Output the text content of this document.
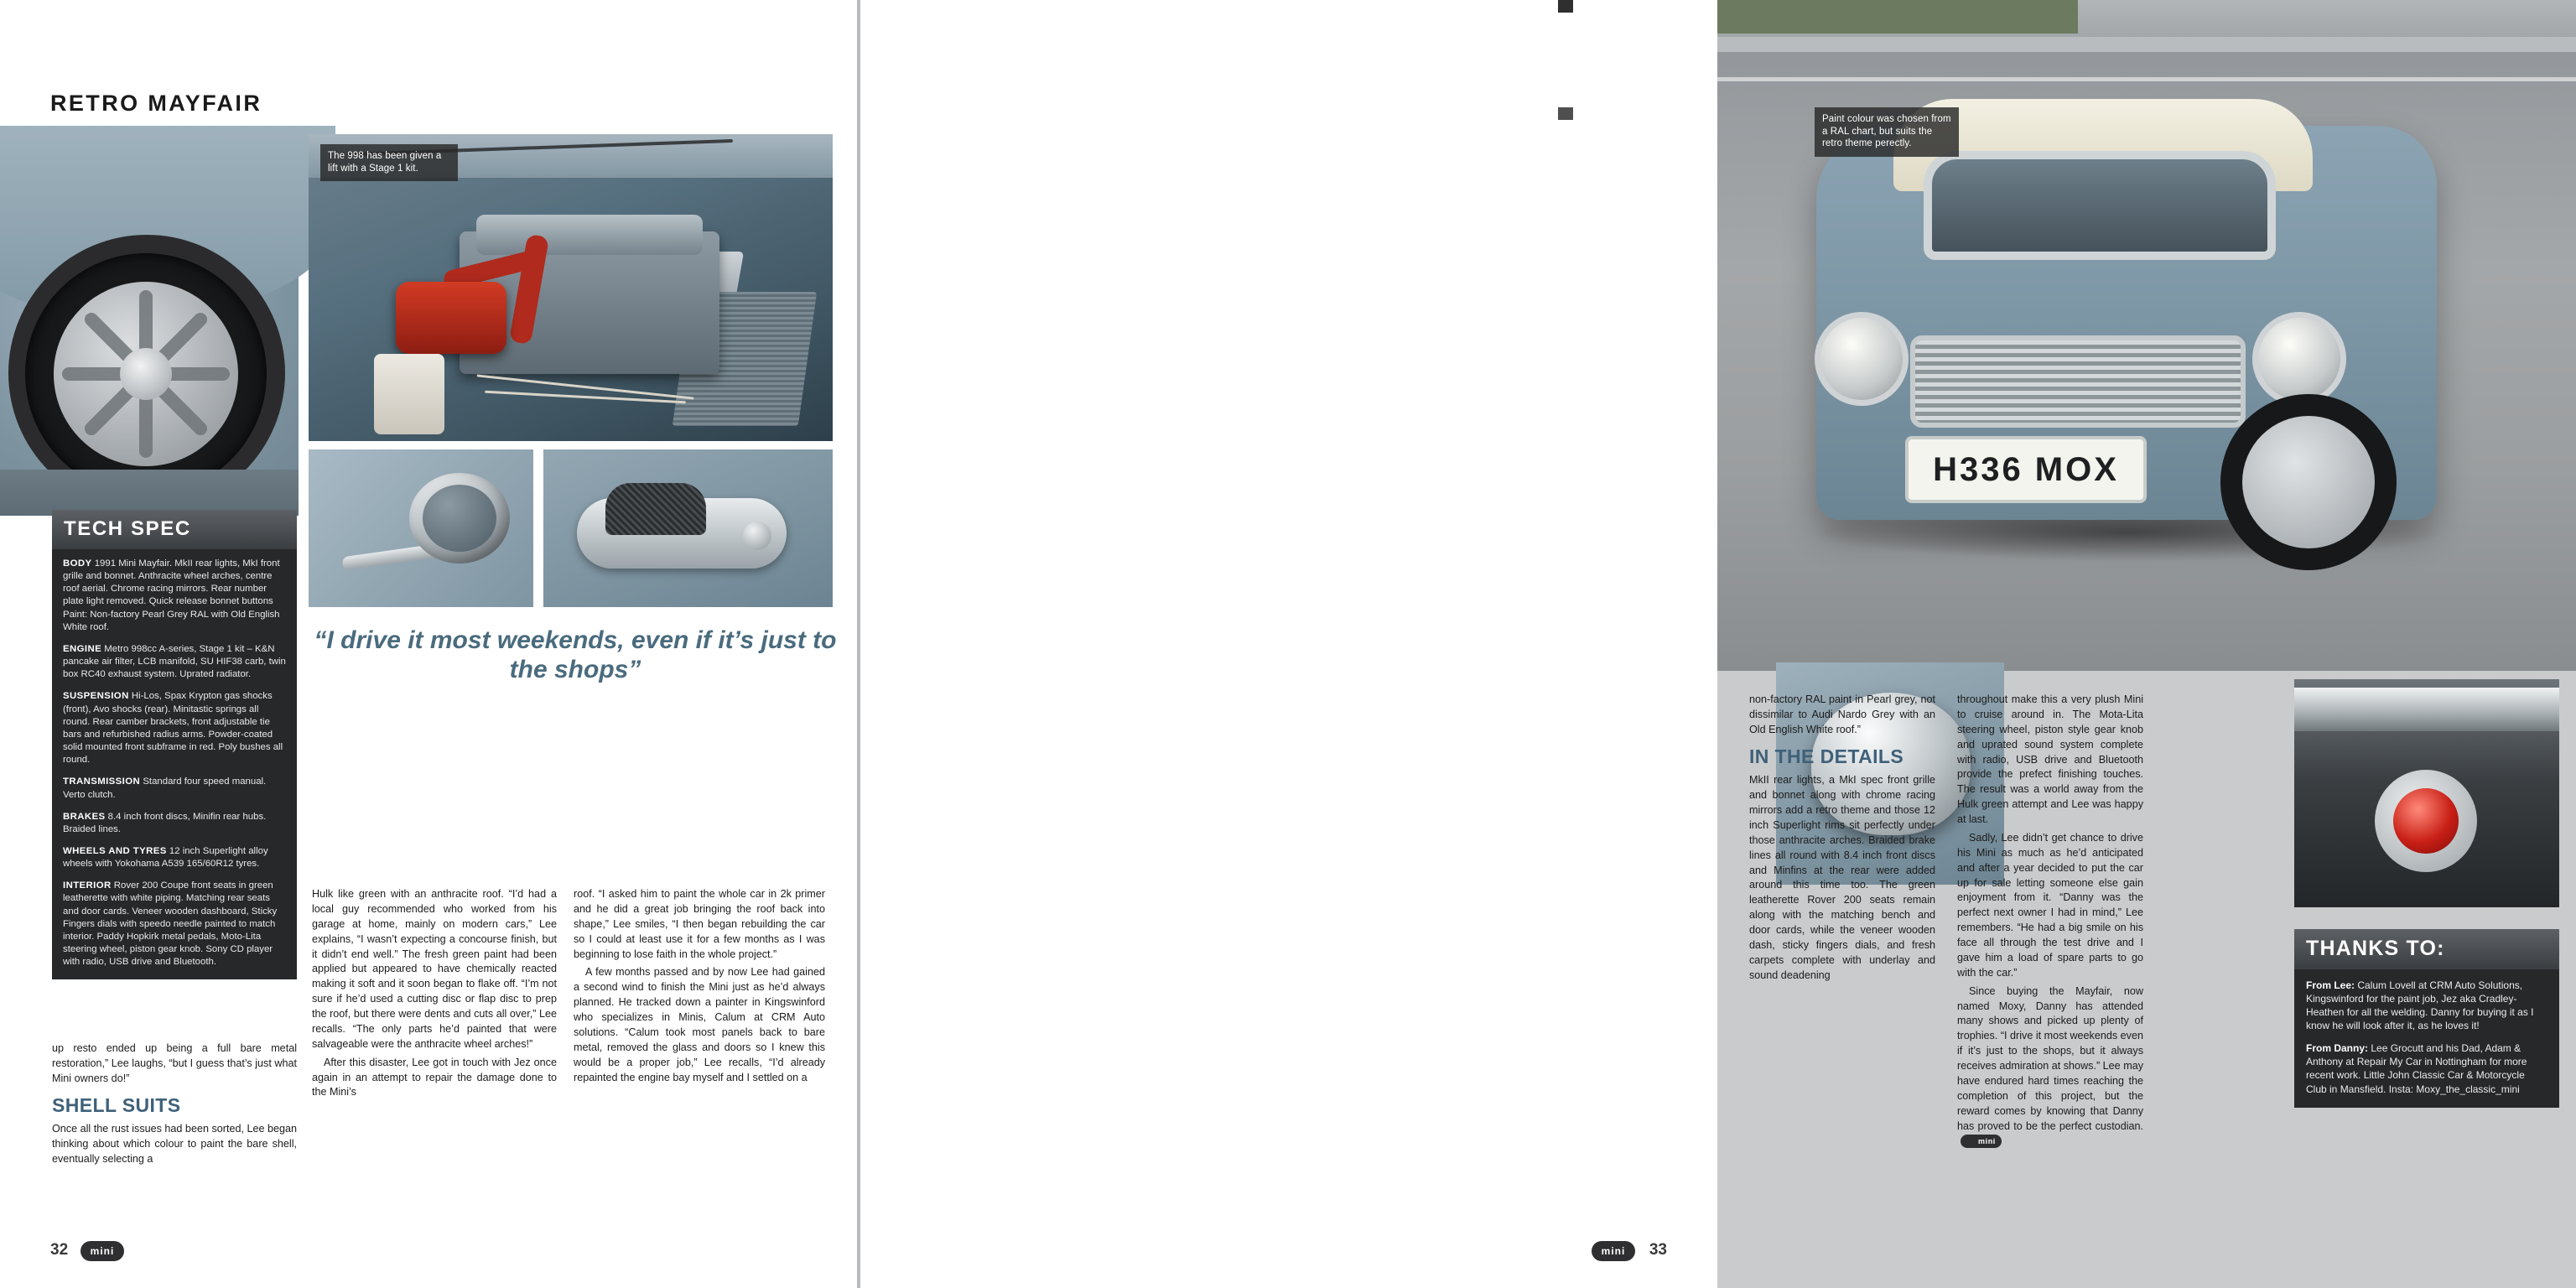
RETRO MAYFAIR
The 998 has been given a lift with a Stage 1 kit.
TECH SPEC

BODY 1991 Mini Mayfair. MkII rear lights, MkI front grille and bonnet. Anthracite wheel arches, centre roof aerial. Chrome racing mirrors. Rear number plate light removed. Quick release bonnet buttons Paint: Non-factory Pearl Grey RAL with Old English White roof.

ENGINE Metro 998cc A-series, Stage 1 kit – K&N pancake air filter, LCB manifold, SU HIF38 carb, twin box RC40 exhaust system. Uprated radiator.

SUSPENSION Hi-Los, Spax Krypton gas shocks (front), Avo shocks (rear). Minitastic springs all round. Rear camber brackets, front adjustable tie bars and refurbished radius arms. Powder-coated solid mounted front subframe in red. Poly bushes all round.

TRANSMISSION Standard four speed manual. Verto clutch.

BRAKES 8.4 inch front discs, Minifin rear hubs. Braided lines.

WHEELS AND TYRES 12 inch Superlight alloy wheels with Yokohama A539 165/60R12 tyres.

INTERIOR Rover 200 Coupe front seats in green leatherette with white piping. Matching rear seats and door cards. Veneer wooden dashboard, Sticky Fingers dials with speedo needle painted to match interior. Paddy Hopkirk metal pedals, Moto-Lita steering wheel, piston gear knob. Sony CD player with radio, USB drive and Bluetooth.

“I drive it most weekends, even if it’s just to the shops”

up resto ended up being a full bare metal restoration,” Lee laughs, “but I guess that’s just what Mini owners do!”

SHELL SUITS

Once all the rust issues had been sorted, Lee began thinking about which colour to paint the bare shell, eventually selecting a

Hulk like green with an anthracite roof. “I’d had a local guy recommended who worked from his garage at home, mainly on modern cars,” Lee explains, “I wasn’t expecting a concourse finish, but it didn’t end well.” The fresh green paint had been applied but appeared to have chemically reacted making it soft and it soon began to flake off. “I’m not sure if he’d used a cutting disc or flap disc to prep the roof, but there were dents and cuts all over,” Lee recalls. “The only parts he’d painted that were salvageable were the anthracite wheel arches!”

After this disaster, Lee got in touch with Jez once again in an attempt to repair the damage done to the Mini’s

roof. “I asked him to paint the whole car in 2k primer and he did a great job bringing the roof back into shape,” Lee smiles, “I then began rebuilding the car so I could at least use it for a few months as I was beginning to lose faith in the whole project.”

A few months passed and by now Lee had gained a second wind to finish the Mini just as he’d always planned. He tracked down a painter in Kingswinford who specializes in Minis, Calum at CRM Auto solutions. “Calum took most panels back to bare metal, removed the glass and doors so I knew this would be a proper job,” Lee recalls, “I’d already repainted the engine bay myself and I settled on a

32	mini
H336 MOX
Paint colour was chosen from a RAL chart, but suits the retro theme perectly.

non-factory RAL paint in Pearl grey, not dissimilar to Audi Nardo Grey with an Old English White roof.”

IN THE DETAILS

MkII rear lights, a MkI spec front grille and bonnet along with chrome racing mirrors add a retro theme and those 12 inch Superlight rims sit perfectly under those anthracite arches. Braided brake lines all round with 8.4 inch front discs and Minfins at the rear were added around this time too. The green leatherette Rover 200 seats remain along with the matching bench and door cards, while the veneer wooden dash, sticky fingers dials, and fresh carpets complete with underlay and sound deadening

throughout make this a very plush Mini to cruise around in. The Mota-Lita steering wheel, piston style gear knob and uprated sound system complete with radio, USB drive and Bluetooth provide the prefect finishing touches. The result was a world away from the Hulk green attempt and Lee was happy at last.

Sadly, Lee didn’t get chance to drive his Mini as much as he’d anticipated and after a year decided to put the car up for sale letting someone else gain enjoyment from it. “Danny was the perfect next owner I had in mind,” Lee remembers. “He had a big smile on his face all through the test drive and I gave him a load of spare parts to go with the car.”

Since buying the Mayfair, now named Moxy, Danny has attended many shows and picked up plenty of trophies. “I drive it most weekends even if it’s just to the shops, but it always receives admiration at shows.” Lee may have endured hard times reaching the completion of this project, but the reward comes by knowing that Danny has proved to be the perfect custodian.mini

THANKS TO:

From Lee: Calum Lovell at CRM Auto Solutions, Kingswinford for the paint job, Jez aka Cradley-Heathen for all the welding. Danny for buying it as I know he will look after it, as he loves it!

From Danny: Lee Grocutt and his Dad, Adam & Anthony at Repair My Car in Nottingham for more recent work. Little John Classic Car & Motorcycle Club in Mansfield. Insta: Moxy_the_classic_mini

33
mini
